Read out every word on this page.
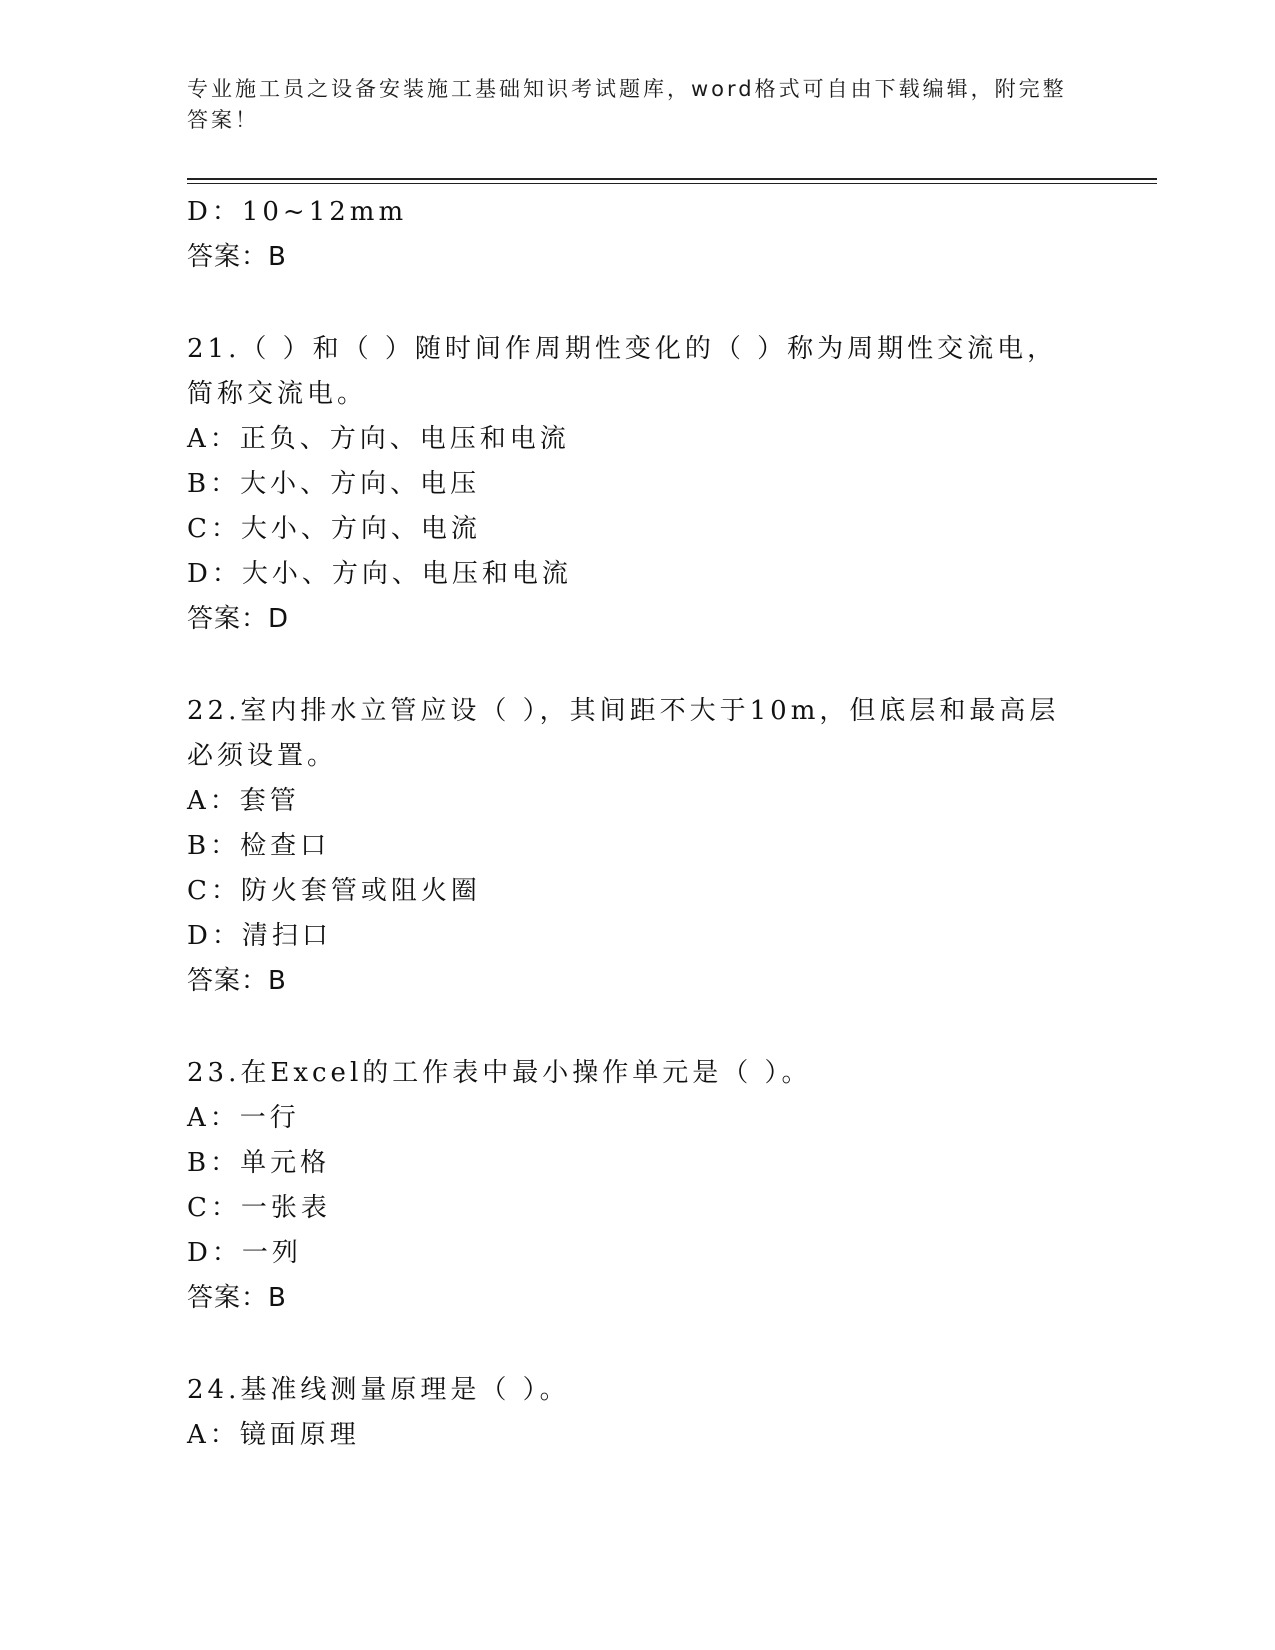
专业施工员之设备安装施工基础知识考试题库，word格式可自由下载编辑，附完整答案！
D：10~12mm
答案：B
21.（ ）和（ ）随时间作周期性变化的（ ）称为周期性交流电，简称交流电。
A：正负、方向、电压和电流
B：大小、方向、电压
C：大小、方向、电流
D：大小、方向、电压和电流
答案：D
22.室内排水立管应设（ ），其间距不大于10m，但底层和最高层必须设置。
A：套管
B：检查口
C：防火套管或阻火圈
D：清扫口
答案：B
23.在Excel的工作表中最小操作单元是（ ）。
A：一行
B：单元格
C：一张表
D：一列
答案：B
24.基准线测量原理是（ ）。
A：镜面原理
